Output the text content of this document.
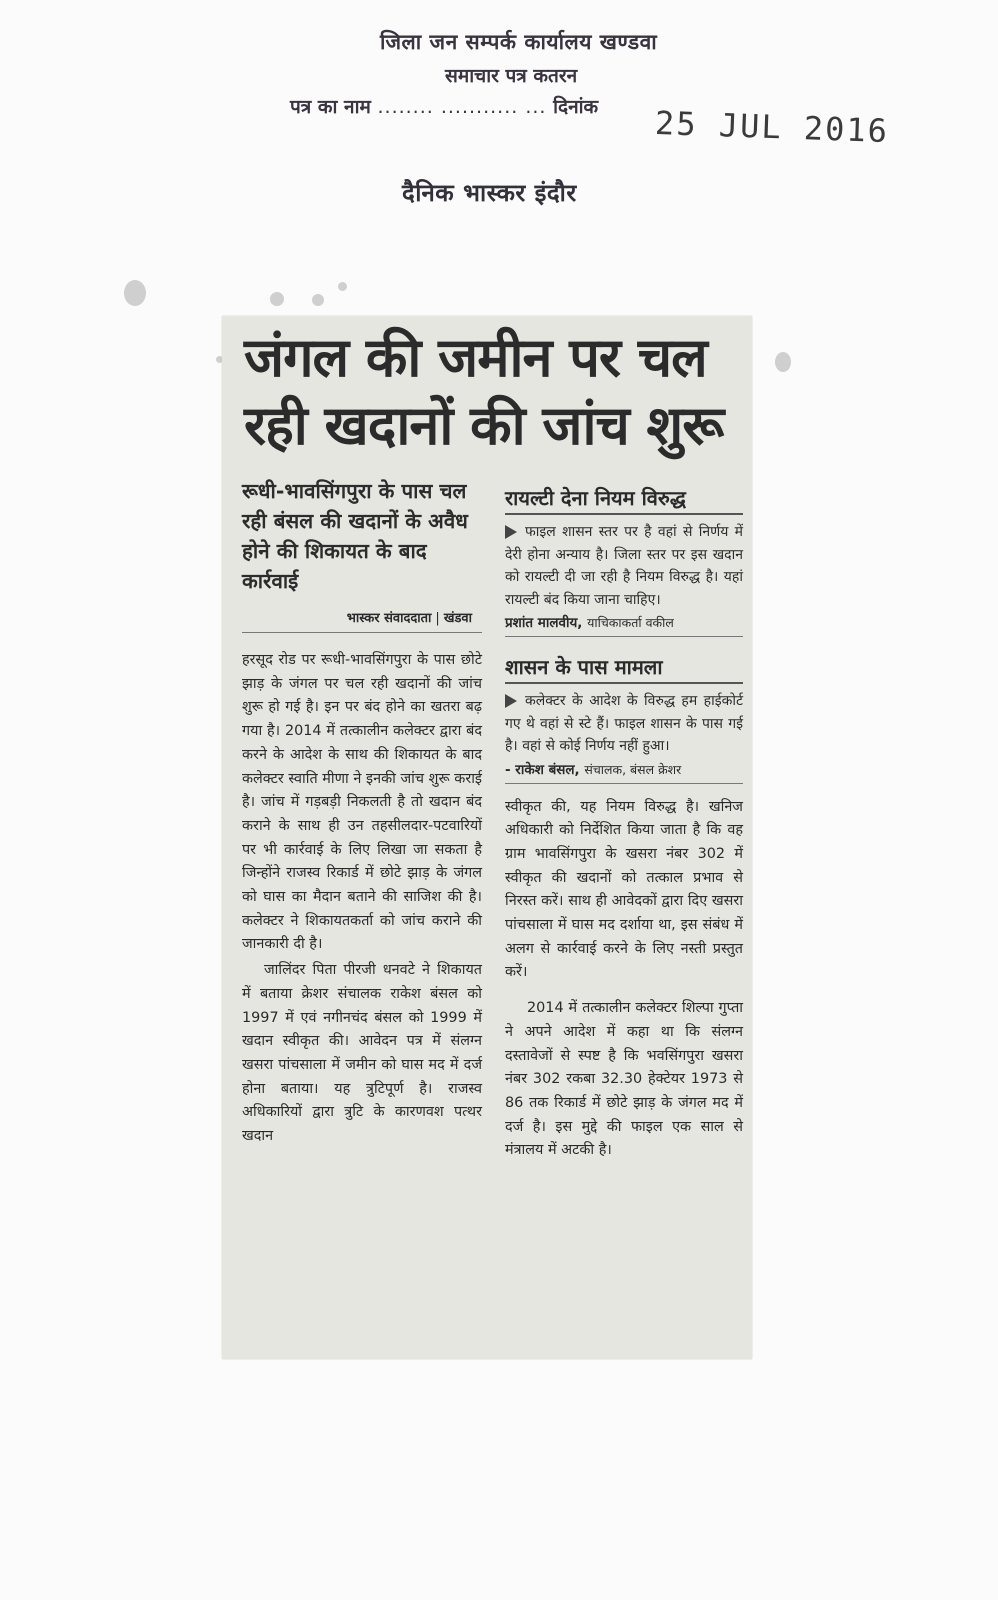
जिला जन सम्पर्क कार्यालय खण्डवा
समाचार पत्र कतरन
पत्र का नाम ........ ........... ... दिनांक 25 JUL 2016
दैनिक भास्कर इंदौर
जंगल की जमीन पर चल रही खदानों की जांच शुरू
रूधी-भावसिंगपुरा के पास चल रही बंसल की खदानों के अवैध होने की शिकायत के बाद कार्रवाई
भास्कर संवाददाता | खंडवा

हरसूद रोड पर रूधी-भावसिंगपुरा के पास छोटे झाड़ के जंगल पर चल रही खदानों की जांच शुरू हो गई है। इन पर बंद होने का खतरा बढ़ गया है। 2014 में तत्कालीन कलेक्टर द्वारा बंद करने के आदेश के साथ की शिकायत के बाद कलेक्टर स्वाति मीणा ने इनकी जांच शुरू कराई है। जांच में गड़बड़ी निकलती है तो खदान बंद कराने के साथ ही उन तहसीलदार-पटवारियों पर भी कार्रवाई के लिए लिखा जा सकता है जिन्होंने राजस्व रिकार्ड में छोटे झाड़ के जंगल को घास का मैदान बताने की साजिश की है। कलेक्टर ने शिकायतकर्ता को जांच कराने की जानकारी दी है।

जालिंदर पिता पीरजी धनवटे ने शिकायत में बताया क्रेशर संचालक राकेश बंसल को 1997 में एवं नगीनचंद बंसल को 1999 में खदान स्वीकृत की। आवेदन पत्र में संलग्न खसरा पांचसाला में जमीन को घास मद में दर्ज होना बताया। यह त्रुटिपूर्ण है। राजस्व अधिकारियों द्वारा त्रुटि के कारणवश पत्थर खदान

रायल्टी देना नियम विरुद्ध
फाइल शासन स्तर पर है वहां से निर्णय में देरी होना अन्याय है। जिला स्तर पर इस खदान को रायल्टी दी जा रही है नियम विरुद्ध है। यहां रायल्टी बंद किया जाना चाहिए।
प्रशांत मालवीय, याचिकाकर्ता वकील
शासन के पास मामला
कलेक्टर के आदेश के विरुद्ध हम हाईकोर्ट गए थे वहां से स्टे हैं। फाइल शासन के पास गई है। वहां से कोई निर्णय नहीं हुआ।
- राकेश बंसल, संचालक, बंसल क्रेशर

स्वीकृत की, यह नियम विरुद्ध है। खनिज अधिकारी को निर्देशित किया जाता है कि वह ग्राम भावसिंगपुरा के खसरा नंबर 302 में स्वीकृत की खदानों को तत्काल प्रभाव से निरस्त करें। साथ ही आवेदकों द्वारा दिए खसरा पांचसाला में घास मद दर्शाया था, इस संबंध में अलग से कार्रवाई करने के लिए नस्ती प्रस्तुत करें।

2014 में तत्कालीन कलेक्टर शिल्पा गुप्ता ने अपने आदेश में कहा था कि संलग्न दस्तावेजों से स्पष्ट है कि भवसिंगपुरा खसरा नंबर 302 रकबा 32.30 हेक्टेयर 1973 से 86 तक रिकार्ड में छोटे झाड़ के जंगल मद में दर्ज है। इस मुद्दे की फाइल एक साल से मंत्रालय में अटकी है।
